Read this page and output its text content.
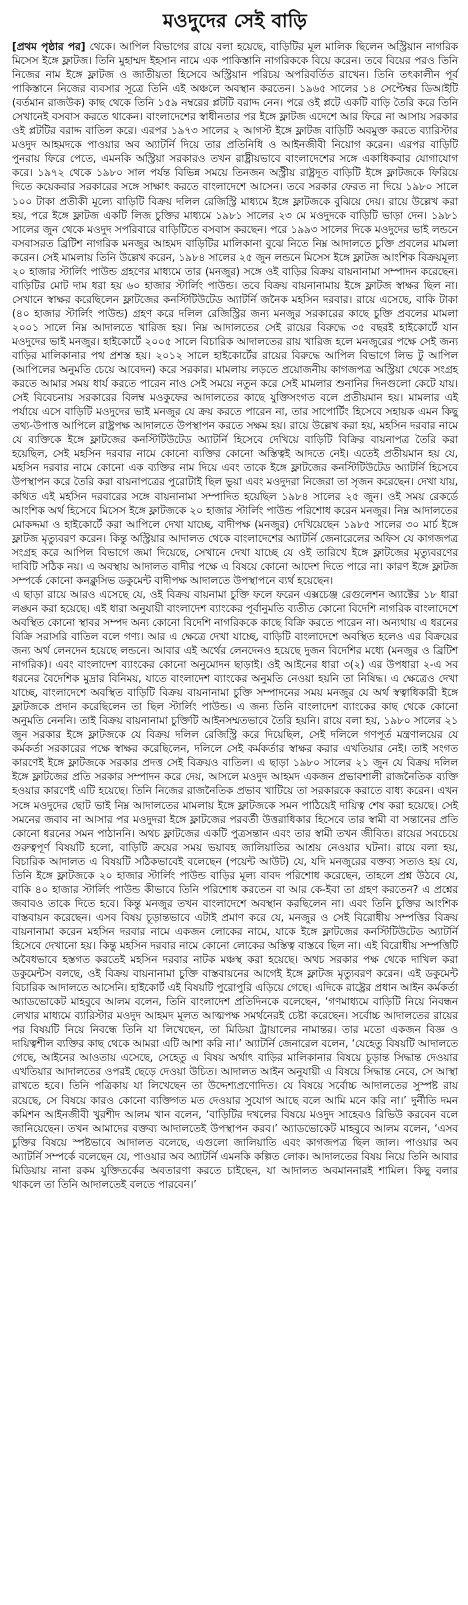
মওদুদের সেই বাড়ি

[প্রথম পৃষ্ঠার পর] থেকে। আপিল বিভাগের রায়ে বলা হয়েছে, বাড়িটির মূল মালিক ছিলেন অস্ট্রিয়ান নাগরিক মিসেস ইঙ্গে ফ্লাটজ। তিনি মুহাম্মদ ইহসান নামে এক পাকিস্তানি নাগরিককে বিয়ে করেন। তবে বিয়ের পরও তিনি নিজের নাম ইঙ্গে ফ্লাটজ ও জাতীয়তা হিসেবে অস্ট্রিয়ান পরিচয় অপরিবর্তিত রাখেন। তিনি তৎকালীন পূর্ব পাকিস্তানে নিজের ব্যবসার সূত্রে তিনি এই অঞ্চলে অবস্থান করতেন। ১৯৬৫ সালের ১৪ সেপ্টেম্বর ডিআইটি (বর্তমান রাজউক) কাছ থেকে তিনি ১৫৯ নম্বরের প্লটটি বরাদ্দ নেন। পরে ওই প্লটে একটি বাড়ি তৈরি করে তিনি সেখানেই বসবাস করতে থাকেন। বাংলাদেশের স্বাধীনতার পর ইঙ্গে ফ্লাটজ এদেশে আর ফিরে না আসায় সরকার ওই প্লটটির বরাদ্দ বাতিল করে। এরপর ১৯৭৩ সালের ২ আগস্ট ইঙ্গে ফ্লাটজ বাড়িটি অবমুক্ত করতে ব্যারিস্টার মওদুদ আহমদকে পাওয়ার অব অ্যাটর্নি দিয়ে তার প্রতিনিধি ও আইনজীবী নিয়োগ করেন। এরপর বাড়িটি পুনরায় ফিরে পেতে, এমনকি অস্ট্রিয়া সরকারও তখন রাষ্ট্রীয়ভাবে বাংলাদেশের সঙ্গে একাধিকবার যোগাযোগ করে। ১৯৭২ থেকে ১৯৮০ সাল পর্যন্ত বিভিন্ন সময়ে তিনজন অস্ট্রীয় রাষ্ট্রদূত বাড়িটি ইঙ্গে ফ্লাটজকে ফিরিয়ে দিতে কয়েকবার সরকারের সঙ্গে সাক্ষাৎ করতে বাংলাদেশে আসেন। তবে সরকার ফেরত না দিয়ে ১৯৮০ সালে ১০০ টাকা প্রতীকী মূল্যে বাড়িটি বিক্রয় দলিল রেজিস্ট্রি মাধ্যমে ইঙ্গে ফ্লাটজকে বুঝিয়ে দেয়। রায়ে উল্লেখ করা হয়, পরে ইঙ্গে ফ্লাটজ একটি লিজ চুক্তির মাধ্যমে ১৯৮১ সালের ২৩ মে মওদুদকে বাড়িটি ভাড়া দেন। ১৯৮১ সালের জুন থেকে মওদুদ সপরিবারে বাড়িটিতে বসবাস করছেন। পরে ১৯৯৩ সালের দিকে মওদুদের ভাই লন্ডনে বসবাসরত ব্রিটিশ নাগরিক মনজুর আহমদ বাড়িটির মালিকানা বুঝে নিতে নিম্ন আদালতে চুক্তি প্রবলের মামলা করেন। সেই মামলায় তিনি উল্লেখ করেন, ১৯৮৪ সালের ২৫ জুন লন্ডনে মিসেস ইঙ্গে ফ্লাটজ আংশিক বিক্রয়মূল্য ২০ হাজার স্টার্লিং পাউন্ড গ্রহণের মাধ্যমে তার (মনজুর) সঙ্গে ওই বাড়ির বিক্রয় বায়নানামা সম্পাদন করেছেন। বাড়িটির মোট দাম ধরা হয় ৬০ হাজার স্টার্লিং পাউন্ড। তবে বিক্রয় বায়নানামায় ইঙ্গে ফ্লাটজ স্বাক্ষর ছিল না। সেখানে স্বাক্ষর করেছিলেন ফ্লাটজের কনস্টিটিউটেড অ্যাটর্নি জনৈক মহসিন দরবার। রায়ে এসেছে, বাকি টাকা (৪০ হাজার স্টার্লিং পাউন্ড) গ্রহণ করে দলিল রেজিস্ট্রির জন্য মনজুর সরকারের কাছে চুক্তি প্রবলের মামলা ২০০১ সালে নিম্ন আদালতে খারিজ হয়। নিম্ন আদালতের সেই রায়ের বিরুদ্ধে ৩৫ বছরই হাইকোর্টে যান মওদুদের ভাই মনজুর। হাইকোর্টে ২০০৫ সালে বিচারিক আদালতের রায় খারিজ হলে মনজুরের পক্ষে সেই জন্য বাড়ির মালিকানার পথ প্রশস্ত হয়। ২০১২ সালে হাইকোর্টের রায়ের বিরুদ্ধে আপিল বিভাগে লিভ টু আপিল (আপিলের অনুমতি চেয়ে আবেদন) করে সরকার। মামলায় লড়তে প্রয়োজনীয় কাগজপত্র অস্ট্রিয়া থেকে সংগ্রহ করতে আমার সময় ধার্য করতে পারেন নাও সেই সময়ে নতুন করে সেই মামলার শুনানির দিনগুলো কেটে যায়। সেই বিবেচনায় সরকারের বিলম্ব মওকুফের আদালতের কাছে যুক্তিসংগত বলে প্রতীয়মান হয়। মামলার এই পর্যায়ে এসে বাড়িটি মওদুদের ভাই মনজুর যে ক্রয় করতে পারেন না, তার সাপোর্টিং হিসেবে সহায়ক এমন কিছু তথ্য-উপাত্ত আপিলে রাষ্ট্রপক্ষ আদালতে উপস্থাপন করতে সক্ষম হয়। রায়ে উল্লেখ করা হয়, মহসিন দরবার নামে যে ব্যক্তিকে ইঙ্গে ফ্লাটজের কনস্টিটিউটেড অ্যাটর্নি হিসেবে দেখিয়ে বাড়িটি বিক্রির বায়নাপত্র তৈরি করা হয়েছিল, সেই মহসিন দরবার নামে কোনো ব্যক্তির কোনো অস্তিত্বই আদতে নেই। এতেই প্রতীয়মান হয় যে, মহসিন দরবার নামে কোনো এক ব্যক্তির নাম দিয়ে এবং তাকে ইঙ্গে ফ্লাটজের কনস্টিটিউটেড অ্যাটর্নি হিসেবে উপস্থাপন করে তৈরি করা বায়নাপত্রের পুরোটাই ছিল ভুয়া এবং মওদুদরা নিজেরা তা সৃজন করেছেন। দেখা যায়, কথিত এই মহসিন দরবারের সঙ্গে বায়নানামা সম্পাদিত হয়েছিল ১৯৮৪ সালের ২৫ জুন। ওই সময় রেকর্ডে আংশিক অর্থ হিসেবে মিসেস ইঙ্গে ফ্লাটজকে ২০ হাজার স্টার্লিং পাউন্ড পরিশোধ করেন মনজুর। নিম্ন আদালতের মোকদ্দমা ও হাইকোর্টে করা আপিলে দেখা যাচ্ছে, বাদীপক্ষ (মনজুর) দেখিয়েছেন ১৯৮৫ সালের ৩০ মার্চ ইঙ্গে ফ্লাটজ মৃত্যুবরণ করেন। কিন্তু অস্ট্রিয়ার আদালত থেকে বাংলাদেশের অ্যাটর্নি জেনারেলের অফিস যে কাগজপত্র সংগ্রহ করে আপিল বিভাগে জমা দিয়েছে, সেখানে দেখা যাচ্ছে যে ওই তারিখে ইঙ্গে ফ্লাটজের মৃত্যুবরণের দাবিটি সঠিক নয়। এ অবস্থায় আদালত বাদীর পক্ষে এ বিষয়ে কোনো আদেশ দিতে পারে না। কারণ ইঙ্গে ফ্লাটজ সম্পর্কে কোনো কনক্লুসিভ ডকুমেন্ট বাদীপক্ষ আদালতে উপস্থাপনে ব্যর্থ হয়েছেন।

এ ছাড়া রায়ে আরও এসেছে যে, ওই বিক্রয় বায়নামা চুক্তি ফলে ফরেন এক্সচেঞ্জ রেগুলেশন অ্যাক্টের ১৮ ধারা লঙ্ঘন করা হয়েছে। এই ধারা অনুযায়ী বাংলাদেশ ব্যাংকের পূর্বানুমতি ব্যতীত কোনো বিদেশি নাগরিক বাংলাদেশে অবস্থিত কোনো স্থাবর সম্পদ অন্য কোনো বিদেশি নাগরিককে কাছে বিক্রি করতে পারেন না। অন্যথায় এ ধরনের বিক্রি সরাসরি বাতিল বলে গণ্য। আর এ ক্ষেত্রে দেখা যাচ্ছে, বাড়িটি বাংলাদেশে অবস্থিত হলেও এর বিক্রয়ের জন্য অর্থ লেনদেন হয়েছে লন্ডনে। আবার এই অর্থের লেনদেনও হয়েছে দুজন বিদেশির মধ্যে (মনজুর ও ব্রিটিশ নাগরিক)। এবং বাংলাদেশ ব্যাংকের কোনো অনুমোদন ছাড়াই। ওই আইনের ধারা ৩(২) এর উপধারা ২-এ সব ধরনের বৈদেশিক মুদ্রার বিনিময়, যাতে বাংলাদেশ ব্যাংকের অনুমতি নেওয়া হয়নি তা নিষিদ্ধ। এ ক্ষেত্রেও দেখা যাচ্ছে, বাংলাদেশে অবস্থিত বাড়িটি বিক্রয় বায়নানামা চুক্তি সম্পাদনের সময় মনজুর যে অর্থ স্বত্বাধিকারী ইঙ্গে ফ্লাটজকে প্রদান করেছিলেন তা ছিল স্টার্লিং পাউন্ড। এ জন্য তিনি বাংলাদেশ ব্যাংকের কাছ থেকে কোনো অনুমতি নেননি। তাই বিক্রয় বায়নানামা চুক্তিটি আইনসম্মতভাবে তৈরি হয়নি। রায়ে বলা হয়, ১৯৮০ সালের ২১ জুন সরকার ইঙ্গে ফ্লাটজকে যে বিক্রয় দলিল রেজিস্ট্রি করে দিয়েছিল, সেই দলিলে গণপূর্ত মন্ত্রণালয়ের যে কর্মকর্তা সরকারের পক্ষে স্বাক্ষর করেছিলেন, দলিলে সেই কর্মকর্তার স্বাক্ষর করার এখতিয়ার নেই। তাই সংগত কারণেই ইঙ্গে ফ্লাটজকে সরকার প্রদত্ত সেই বিক্রয়ও বাতিল। এ ছাড়া ১৯৮০ সালের ২১ জুন যে বিক্রয় দলিল ইঙ্গে ফ্লাটজের প্রতি সরকার সম্পাদন করে দেয়, আসলে মওদুদ আহমদ একজন প্রভাবশালী রাজনৈতিক ব্যক্তি হওয়ার কারণেই এটি হয়েছে। তিনি নিজের রাজনৈতিক প্রভাব খাটিয়ে তা সরকারকে করাতে বাধ্য করেন। এখন সঙ্গে মওদুদের ছোট ভাই নিম্ন আদালতের মামলায় ইঙ্গে ফ্লাটজকে সমন পাঠিয়েই দায়িত্ব শেষ করা হয়েছে। সেই সমনের জবাব না আসার পর মওদুদরা ইঙ্গে ফ্লাটজের পরবর্তী উত্তরাধিকার হিসেবে তার স্বামী বা সন্তানের প্রতি কোনো ধরনের সমন পাঠাননি। অথচ ফ্লাটজের একটি পুত্রসন্তান এবং তার স্বামী তখন জীবিত। রায়ের সবচেয়ে গুরুত্বপূর্ণ বিষয়টি হলো, বাড়িটি ক্রয়ের সময় ভয়াবহ জালিয়াতির আশ্রয় নেওয়ার ঘটনা। রায়ে বলা হয়, বিচারিক আদালত এ বিষয়টি সঠিকভাবেই বলেছেন (পয়েন্ট আউট) যে, যদি মনজুরের বক্তব্য সত্যও হয় যে, তিনি ইঙ্গে ফ্লাটজকে ২০ হাজার স্টার্লিং পাউন্ড বাড়ির মূল্য বাবদ পরিশোধ করেছেন, তাহলে প্রশ্ন উঠবে যে, বাকি ৪০ হাজার স্টার্লিং পাউন্ড কীভাবে তিনি পরিশোধ করতেন বা আর কে-ইবা তা গ্রহণ করতেন? এ প্রশ্নের জবাবও তাকে দিতে হবে। কিন্তু মনজুর তখন বাংলাদেশে অবস্থান করছিলেন না। এবং তিনি চুক্তির আংশিক বাস্তবায়ন করেছেন। এসব বিষয় চূড়ান্তভাবে এটাই প্রমাণ করে যে, মনজুর ও সেই বিরোধীয় সম্পত্তির বিক্রয় বায়নানামা করেন মহসিন দরবার নামে একজন লোকের নামে, যাকে ইঙ্গে ফ্লাটজের কনস্টিটিউটেড অ্যাটর্নি হিসেবে দেখানো হয়। কিন্তু মহসিন দরবার নামে কোনো লোকের অস্তিত্ব বাস্তবে ছিল না। এই বিরোধীয় সম্পত্তিটি অবৈধভাবে হস্তগত করতেই মহসিন দরবার নাটক মঞ্চস্থ করা হয়েছে। অথচ সরকার পক্ষ থেকে দাখিল করা ডকুমেন্টস বলছে, ওই বিক্রয় বায়নানামা চুক্তি বাস্তবায়নের আগেই ইঙ্গে ফ্লাটজ মৃত্যুবরণ করেন। এই ডকুমেন্ট বিচারিক আদালতে আসেনি। হাইকোর্ট এই বিষয়টি পুরোপুরি এড়িয়ে গেছে। এদিকে রাষ্ট্রের প্রধান আইন কর্মকর্তা অ্যাডভোকেট মাহবুবে আলম বলেন, তিনি বাংলাদেশ প্রতিদিনকে বলেছেন, ‘গণমাধ্যমে বাড়িটি নিয়ে নিবন্ধন লেখার মাধ্যমে ব্যারিস্টার মওদুদ আহমদ মূলত আত্মপক্ষ সমর্থনেরই চেষ্টা করেছেন। সর্বোচ্চ আদালতের রায়ের পর বিষয়টি নিয়ে নিবন্ধে তিনি যা লিখেছেন, তা মিডিয়া ট্রায়ালের নামান্তর। তার মতো একজন বিজ্ঞ ও দায়িত্বশীল ব্যক্তির কাছ থেকে আমরা এটি আশা করি না।’ অ্যাটর্নি জেনারেল বলেন, ‘যেহেতু বিষয়টি আদালতে গেছে, আইনের আওতায় এসেছে, সেহেতু এ বিষয় অর্থাৎ বাড়ির মালিকানার বিষয়ে চূড়ান্ত সিদ্ধান্ত দেওয়ার এখতিয়ার আদালতের ওপরই ছেড়ে দেওয়া উচিত। আদালত আইন অনুযায়ী এ বিষয়ে সিদ্ধান্ত নেবে, সে আস্থা রাখতে হবে। তিনি পত্রিকায় যা লিখেছেন তা উদ্দেশ্যপ্রণোদিত। যে বিষয়ে সর্বোচ্চ আদালতের সুস্পষ্ট রায় রয়েছে, সে বিষয়ে কারও কোনো ব্যক্তিগত মত দেওয়ার সুযোগ আছে বলে আমি মনে করি না।’ দুর্নীতি দমন কমিশন আইনজীবী খুরশীদ আলম খান বলেন, ‘বাড়িটির দখলের বিষয়ে মওদুদ সাহেবও রিভিউ করবেন বলে জানিয়েছেন। তখন আমাদের বক্তব্য আদালতেই উপস্থাপন করব।’ অ্যাডভোকেট মাহবুবে আলম বলেন, ‘এসব চুক্তির বিষয়ে স্পষ্টভাবে আদালত বলেছে, এগুলো জালিয়াতি এবং কাগজপত্র ছিল জাল। পাওয়ার অব অ্যাটর্নি সম্পর্কে বলেছেন যে, পাওয়ার অব অ্যাটর্নি এমনকি কল্পিত লোক। আদালতের বিষয় নিয়ে তিনি আবার মিডিয়ায় নানা রকম যুক্তিতর্কের অবতারণা করতে চাইছেন, যা আদালত অবমাননারই শামিল। কিছু বলার থাকলে তা তিনি আদালতেই বলতে পারবেন।’
